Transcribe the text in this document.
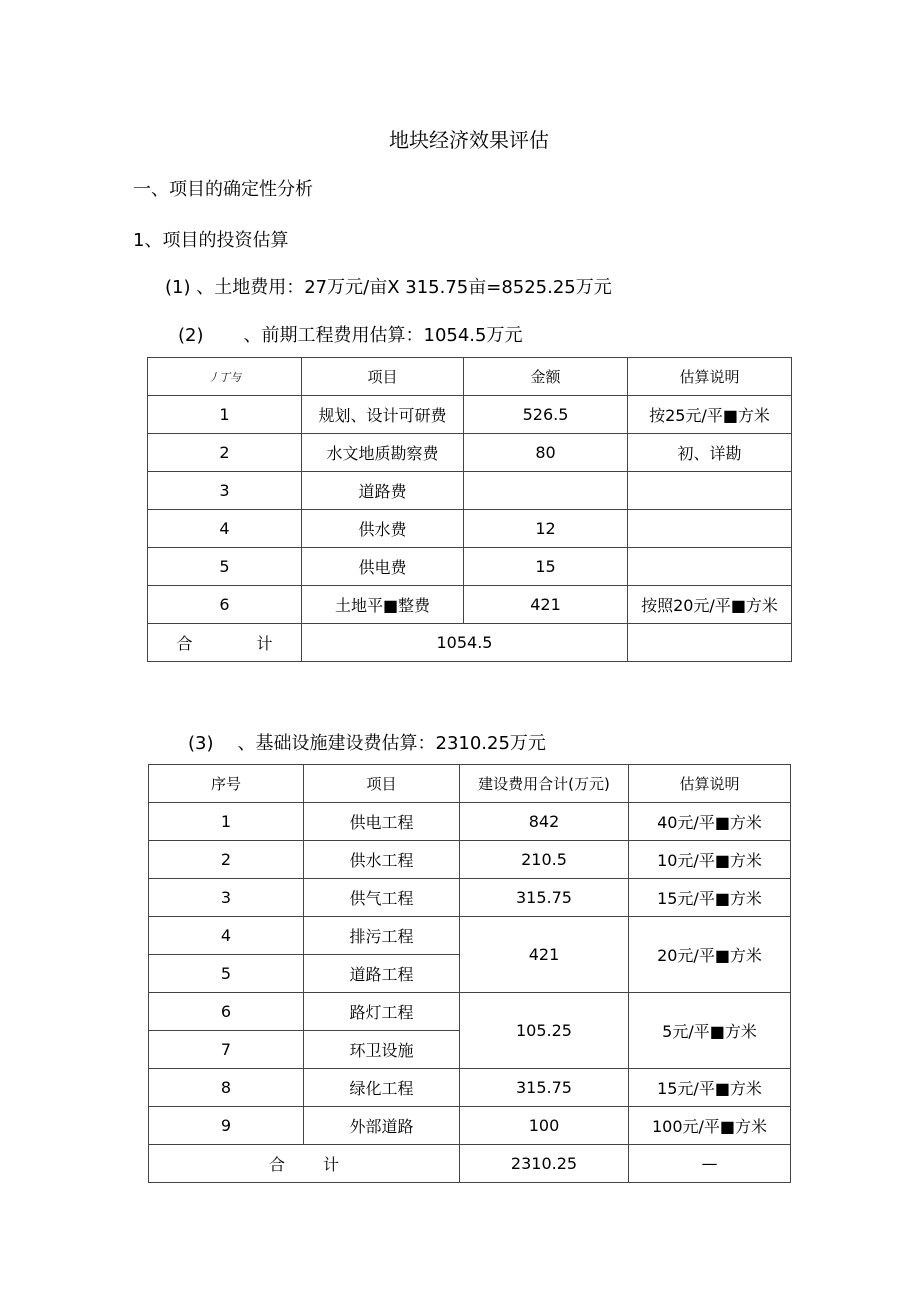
地块经济效果评估
一、项目的确定性分析
1、项目的投资估算
(1) 、土地费用：27万元/亩X 315.75亩=8525.25万元
(2) 、前期工程费用估算：1054.5万元
丿丁与	项目	金额	估算说明
1	规划、设计可研费	526.5	按25元/平■方米
2	水文地质勘察费	80	初、详勘
3	道路费		
4	供水费	12	
5	供电费	15	
6	土地平■整费	421	按照20元/平■方米
合 计	1054.5		
(3) 、基础设施建设费估算：2310.25万元
序号	项目	建设费用合计(万元)	估算说明
1	供电工程	842	40元/平■方米
2	供水工程	210.5	10元/平■方米
3	供气工程	315.75	15元/平■方米
4	排污工程	421	20元/平■方米
5	道路工程		
6	路灯工程	105.25	5元/平■方米
7	环卫设施		
8	绿化工程	315.75	15元/平■方米
9	外部道路	100	100元/平■方米
合 计		2310.25	—
